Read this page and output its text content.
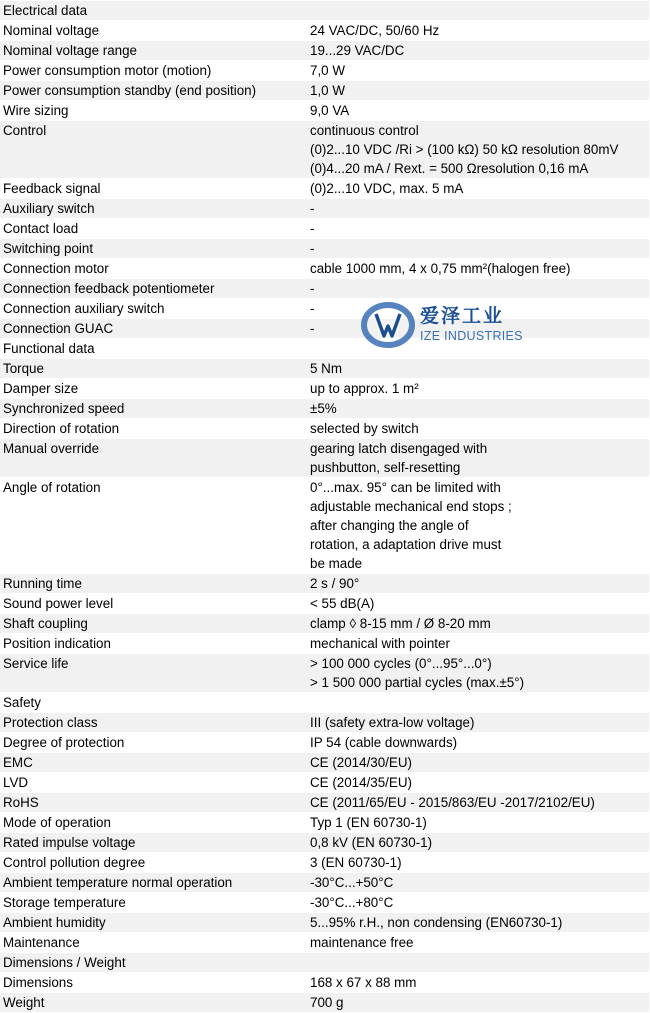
Electrical data
Nominal voltage	24 VAC/DC, 50/60 Hz
Nominal voltage range	19...29 VAC/DC
Power consumption motor (motion)	7,0 W
Power consumption standby (end position)	1,0 W
Wire sizing	9,0 VA
Control	continuous control
(0)2...10 VDC /Ri > (100 kΩ) 50 kΩ resolution 80mV
(0)4...20 mA / Rext. = 500 Ωresolution 0,16 mA
Feedback signal	(0)2...10 VDC, max. 5 mA
Auxiliary switch	-
Contact load	-
Switching point	-
Connection motor	cable 1000 mm, 4 x 0,75 mm²(halogen free)
Connection feedback potentiometer	-
Connection auxiliary switch	-
Connection GUAC	-
Functional data
Torque	5 Nm
Damper size	up to approx. 1 m²
Synchronized speed	±5%
Direction of rotation	selected by switch
Manual override	gearing latch disengaged with
pushbutton, self-resetting
Angle of rotation	0°...max. 95° can be limited with
adjustable mechanical end stops ;
after changing the angle of
rotation, a adaptation drive must
be made
Running time	2 s / 90°
Sound power level	< 55 dB(A)
Shaft coupling	clamp ◊ 8-15 mm / Ø 8-20 mm
Position indication	mechanical with pointer
Service life	> 100 000 cycles (0°...95°...0°)
> 1 500 000 partial cycles (max.±5°)
Safety
Protection class	III (safety extra-low voltage)
Degree of protection	IP 54 (cable downwards)
EMC	CE (2014/30/EU)
LVD	CE (2014/35/EU)
RoHS	CE (2011/65/EU - 2015/863/EU -2017/2102/EU)
Mode of operation	Typ 1 (EN 60730-1)
Rated impulse voltage	0,8 kV (EN 60730-1)
Control pollution degree	3 (EN 60730-1)
Ambient temperature normal operation	-30°C...+50°C
Storage temperature	-30°C...+80°C
Ambient humidity	5...95% r.H., non condensing (EN60730-1)
Maintenance	maintenance free
Dimensions / Weight
Dimensions	168 x 67 x 88 mm
Weight	700 g
爱泽工业
IZE INDUSTRIES
